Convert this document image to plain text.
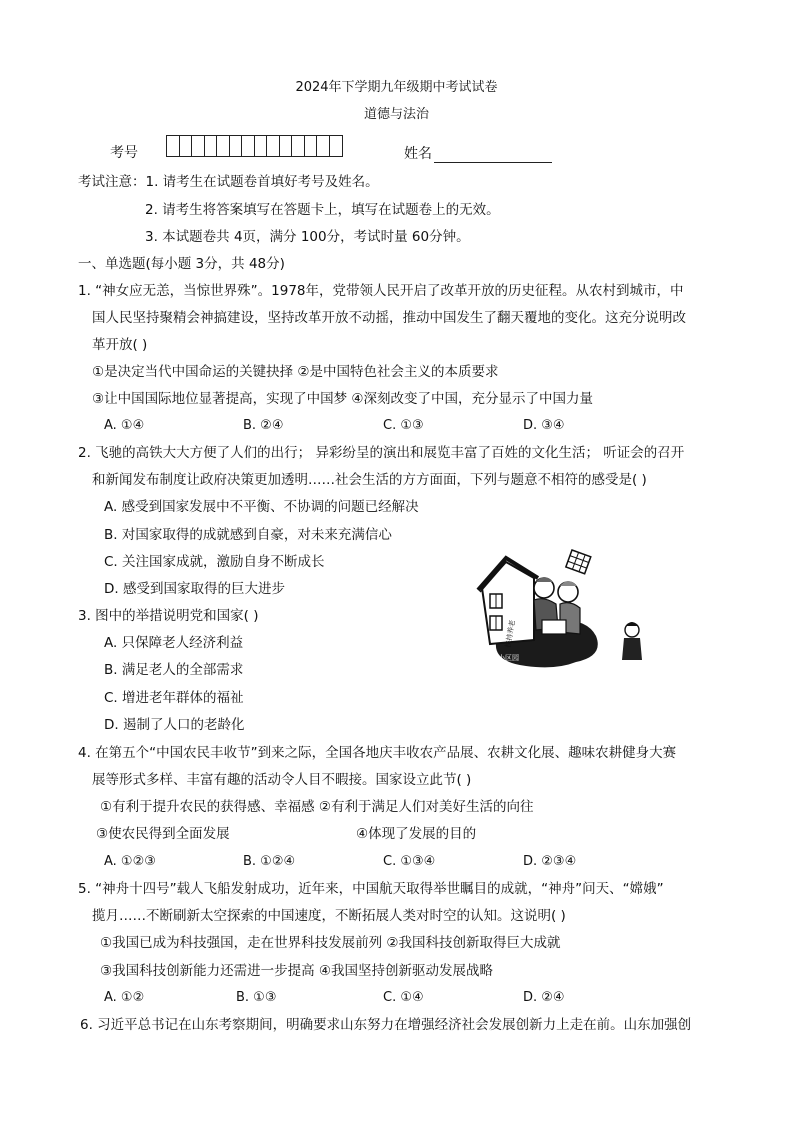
2024年下学期九年级期中考试试卷
道德与法治
考号	姓名
考试注意：1. 请考生在试题卷首填好考号及姓名。
2. 请考生将答案填写在答题卡上，填写在试题卷上的无效。
3. 本试题卷共 4页，满分 100分，考试时量 60分钟。
一、单选题(每小题 3分，共 48分)
1. “神女应无恙，当惊世界殊”。1978年，党带领人民开启了改革开放的历史征程。从农村到城市，中
国人民坚持聚精会神搞建设，坚持改革开放不动摇，推动中国发生了翻天覆地的变化。这充分说明改
革开放( )
①是决定当代中国命运的关键抉择 ②是中国特色社会主义的本质要求
③让中国国际地位显著提高，实现了中国梦 ④深刻改变了中国，充分显示了中国力量
A. ①④	B. ②④	C. ①③	D. ③④
2. 飞驰的高铁大大方便了人们的出行； 异彩纷呈的演出和展览丰富了百姓的文化生活； 听证会的召开
和新闻发布制度让政府决策更加透明……社会生活的方方面面，下列与题意不相符的感受是( )
A. 感受到国家发展中不平衡、不协调的问题已经解决
B. 对国家取得的成就感到自豪，对未来充满信心
C. 关注国家成就，激励自身不断成长
D. 感受到国家取得的巨大进步
3. 图中的举措说明党和国家( )
A. 只保障老人经济利益
B. 满足老人的全部需求
C. 增进老年群体的福祉
D. 遏制了人口的老龄化
扶持养老
小区园
4. 在第五个“中国农民丰收节”到来之际，全国各地庆丰收农产品展、农耕文化展、趣味农耕健身大赛
展等形式多样、丰富有趣的活动令人目不暇接。国家设立此节( )
①有利于提升农民的获得感、幸福感 ②有利于满足人们对美好生活的向往
③使农民得到全面发展	④体现了发展的目的
A. ①②③	B. ①②④	C. ①③④	D. ②③④
5. “神舟十四号”载人飞船发射成功，近年来，中国航天取得举世瞩目的成就，“神舟”问天、“嫦娥”
揽月……不断刷新太空探索的中国速度，不断拓展人类对时空的认知。这说明( )
①我国已成为科技强国，走在世界科技发展前列 ②我国科技创新取得巨大成就
③我国科技创新能力还需进一步提高 ④我国坚持创新驱动发展战略
A. ①②	B. ①③	C. ①④	D. ②④
6. 习近平总书记在山东考察期间，明确要求山东努力在增强经济社会发展创新力上走在前。山东加强创
